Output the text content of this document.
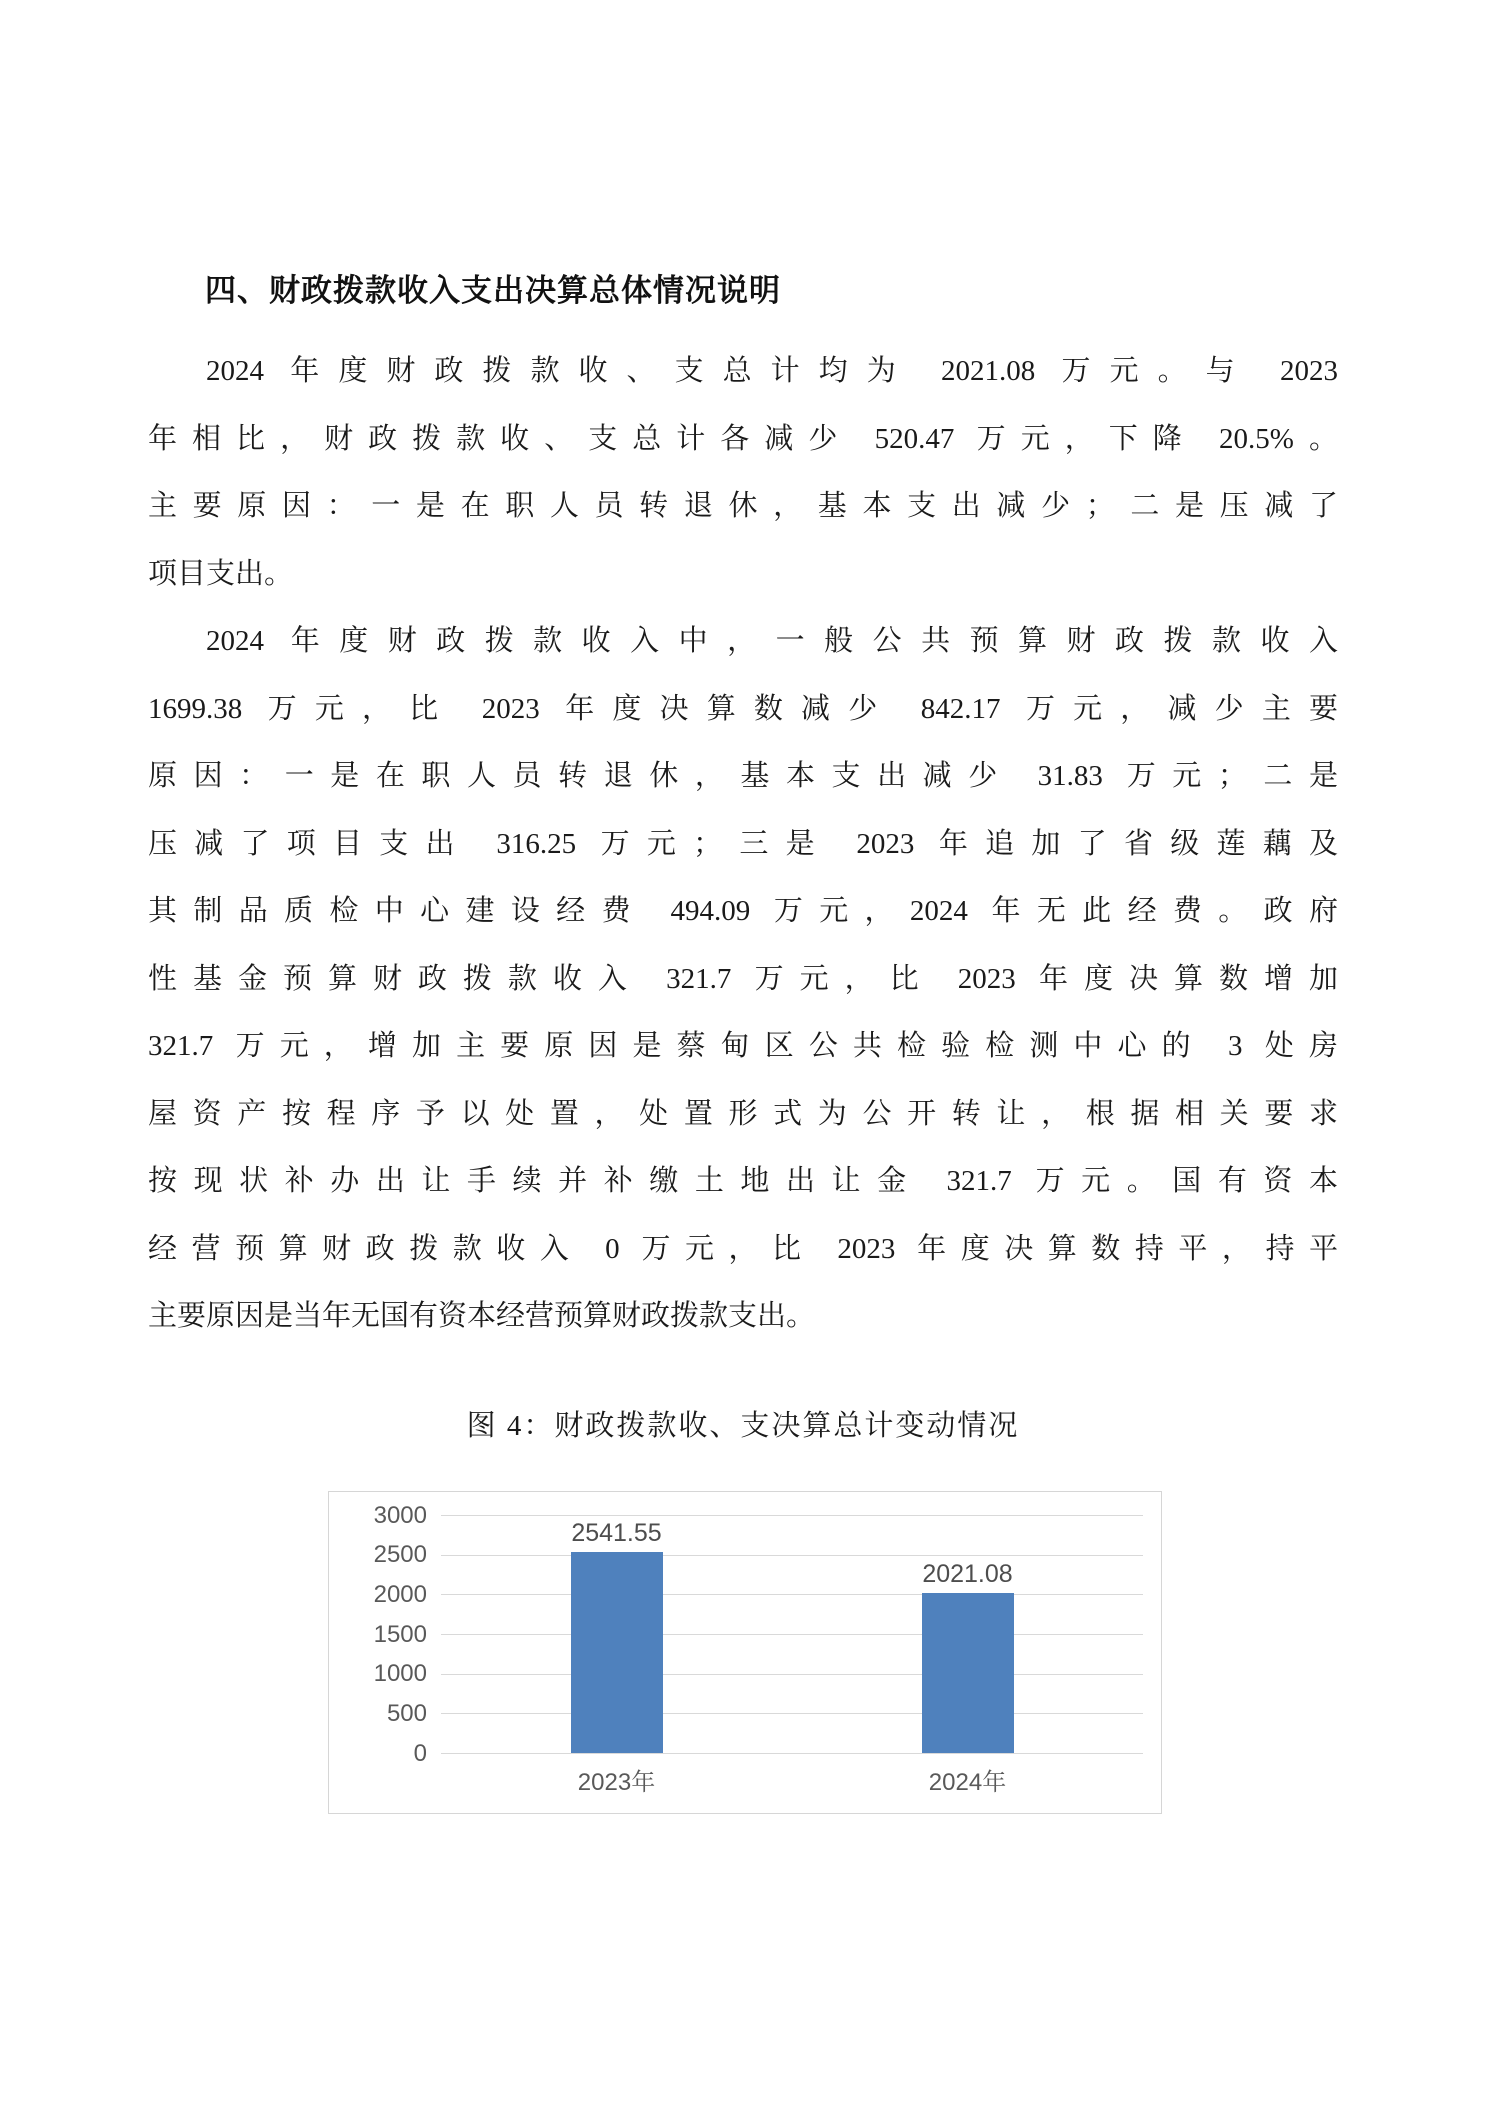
四、财政拨款收入支出决算总体情况说明
2024 年度财政拨款收、支总计均为 2021.08 万元。与 2023
年相比，财政拨款收、支总计各减少 520.47 万元，下降 20.5%。
主要原因：一是在职人员转退休，基本支出减少；二是压减了
项目支出。
2024 年度财政拨款收入中，一般公共预算财政拨款收入
1699.38 万元，比 2023 年度决算数减少 842.17 万元，减少主要
原因：一是在职人员转退休，基本支出减少 31.83 万元；二是
压减了项目支出 316.25 万元；三是 2023 年追加了省级莲藕及
其制品质检中心建设经费 494.09 万元，2024 年无此经费。政府
性基金预算财政拨款收入 321.7 万元，比 2023 年度决算数增加
321.7 万元，增加主要原因是蔡甸区公共检验检测中心的 3 处房
屋资产按程序予以处置，处置形式为公开转让，根据相关要求
按现状补办出让手续并补缴土地出让金 321.7 万元。国有资本
经营预算财政拨款收入 0 万元，比 2023 年度决算数持平，持平
主要原因是当年无国有资本经营预算财政拨款支出。
图 4：财政拨款收、支决算总计变动情况
0
500
1000
1500
2000
2500
3000
2541.55
2023年
2021.08
2024年
